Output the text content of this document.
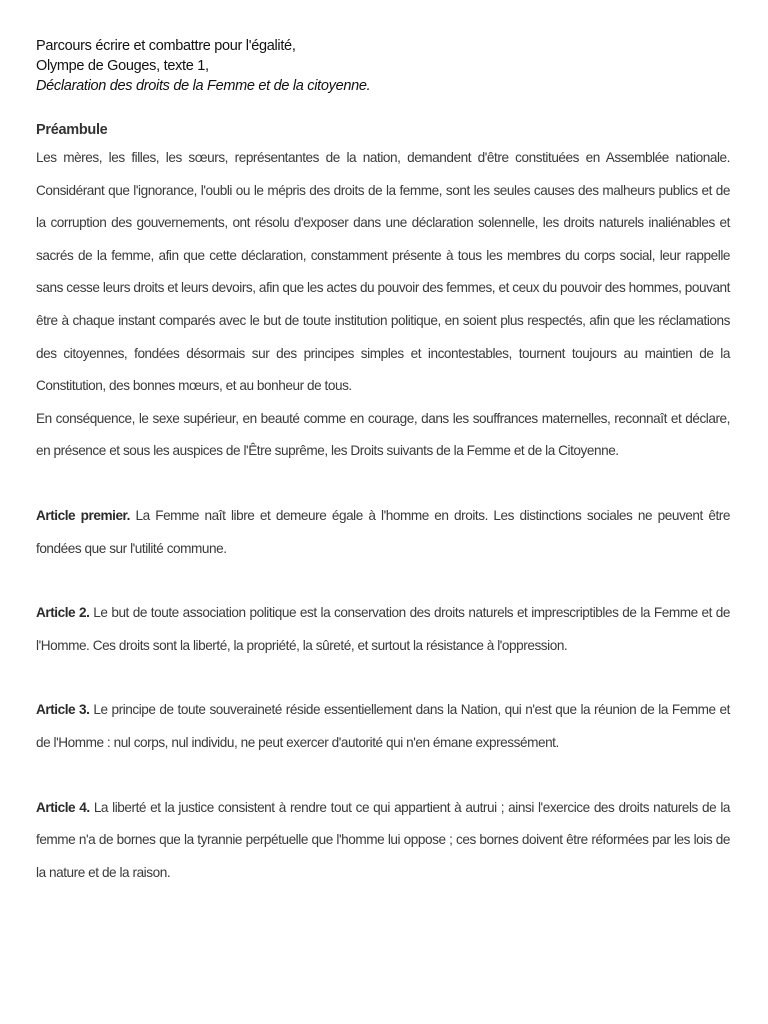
Parcours écrire et combattre pour l'égalité,
Olympe de Gouges, texte 1,
Déclaration des droits de la Femme et de la citoyenne.
Préambule

Les mères, les filles, les sœurs, représentantes de la nation, demandent d'être constituées en Assemblée nationale. Considérant que l'ignorance, l'oubli ou le mépris des droits de la femme, sont les seules causes des malheurs publics et de la corruption des gouvernements, ont résolu d'exposer dans une déclaration solennelle, les droits naturels inaliénables et sacrés de la femme, afin que cette déclaration, constamment présente à tous les membres du corps social, leur rappelle sans cesse leurs droits et leurs devoirs, afin que les actes du pouvoir des femmes, et ceux du pouvoir des hommes, pouvant être à chaque instant comparés avec le but de toute institution politique, en soient plus respectés, afin que les réclamations des citoyennes, fondées désormais sur des principes simples et incontestables, tournent toujours au maintien de la Constitution, des bonnes mœurs, et au bonheur de tous.

En conséquence, le sexe supérieur, en beauté comme en courage, dans les souffrances maternelles, reconnaît et déclare, en présence et sous les auspices de l'Être suprême, les Droits suivants de la Femme et de la Citoyenne.

Article premier. La Femme naît libre et demeure égale à l'homme en droits. Les distinctions sociales ne peuvent être fondées que sur l'utilité commune.

Article 2. Le but de toute association politique est la conservation des droits naturels et imprescriptibles de la Femme et de l'Homme. Ces droits sont la liberté, la propriété, la sûreté, et surtout la résistance à l'oppression.

Article 3. Le principe de toute souveraineté réside essentiellement dans la Nation, qui n'est que la réunion de la Femme et de l'Homme : nul corps, nul individu, ne peut exercer d'autorité qui n'en émane expressément.

Article 4. La liberté et la justice consistent à rendre tout ce qui appartient à autrui ; ainsi l'exercice des droits naturels de la femme n'a de bornes que la tyrannie perpétuelle que l'homme lui oppose ; ces bornes doivent être réformées par les lois de la nature et de la raison.
